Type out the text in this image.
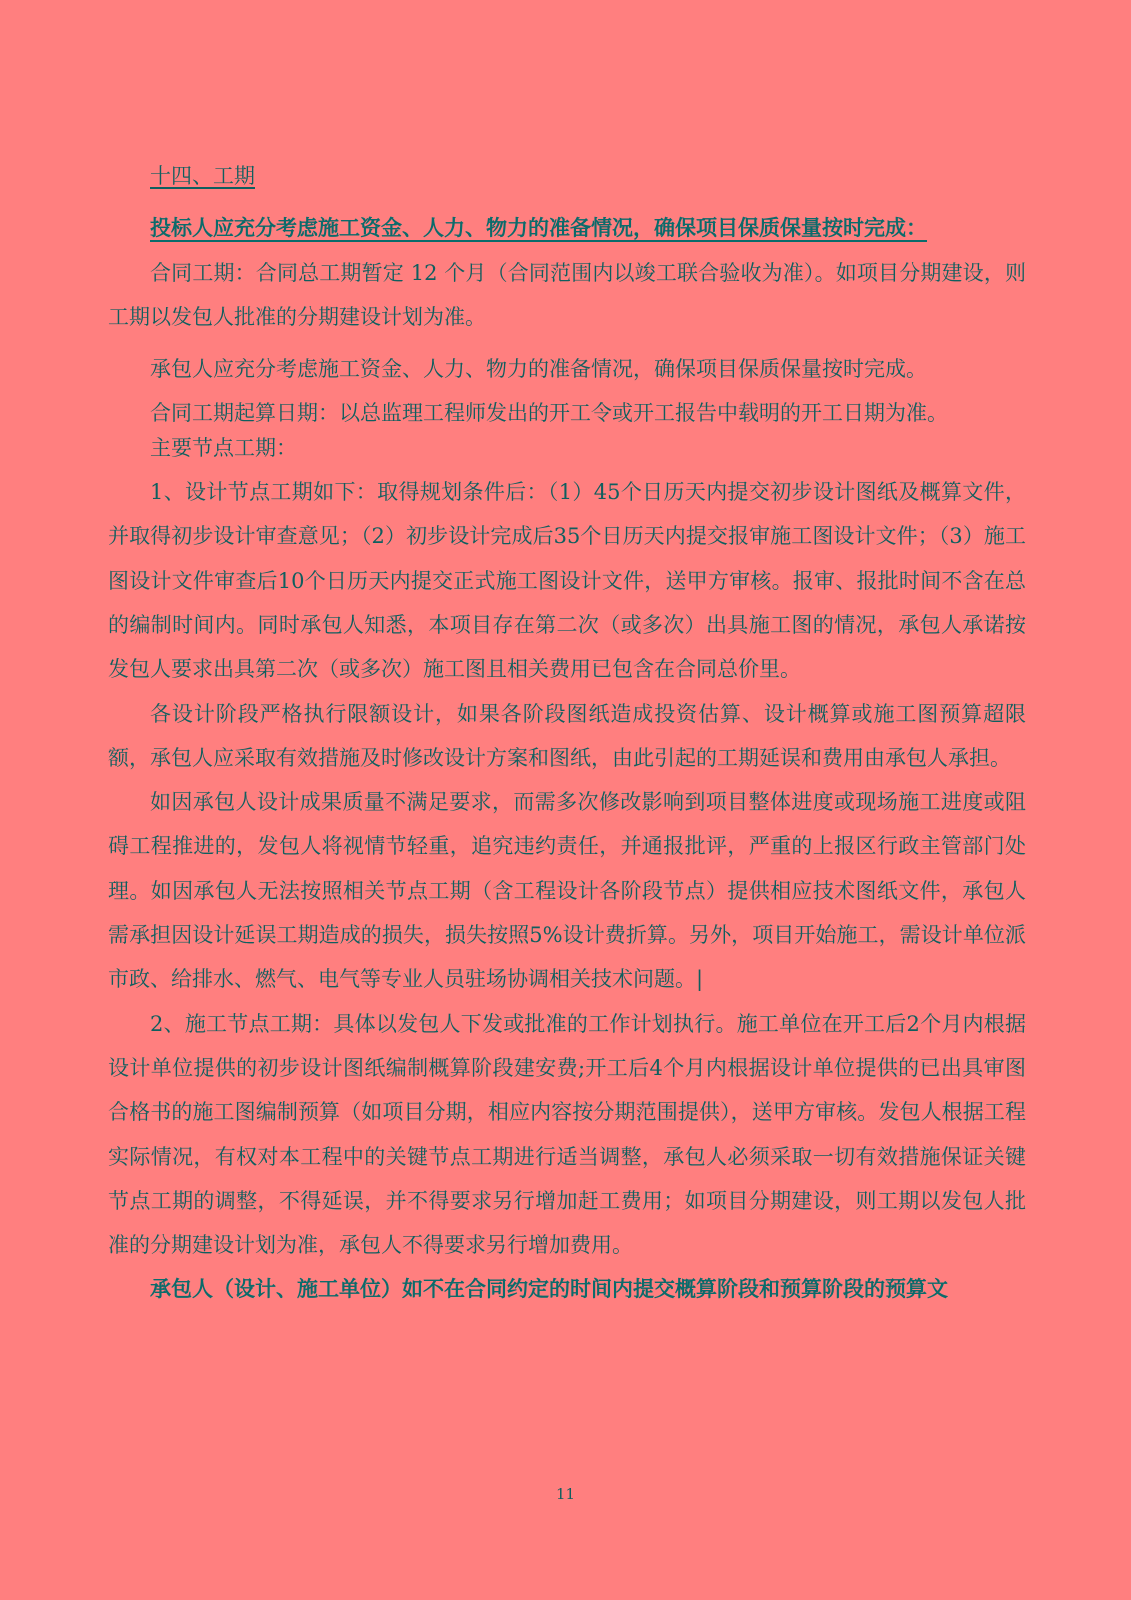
十四、工期

投标人应充分考虑施工资金、人力、物力的准备情况，确保项目保质保量按时完成：

合同工期：合同总工期暂定 12 个月（合同范围内以竣工联合验收为准）。如项目分期建设，则工期以发包人批准的分期建设计划为准。

承包人应充分考虑施工资金、人力、物力的准备情况，确保项目保质保量按时完成。

合同工期起算日期：以总监理工程师发出的开工令或开工报告中载明的开工日期为准。

主要节点工期：

1、设计节点工期如下：取得规划条件后：（1）45个日历天内提交初步设计图纸及概算文件，并取得初步设计审查意见；（2）初步设计完成后35个日历天内提交报审施工图设计文件；（3）施工图设计文件审查后10个日历天内提交正式施工图设计文件，送甲方审核。报审、报批时间不含在总的编制时间内。同时承包人知悉，本项目存在第二次（或多次）出具施工图的情况，承包人承诺按发包人要求出具第二次（或多次）施工图且相关费用已包含在合同总价里。

各设计阶段严格执行限额设计，如果各阶段图纸造成投资估算、设计概算或施工图预算超限额，承包人应采取有效措施及时修改设计方案和图纸，由此引起的工期延误和费用由承包人承担。

如因承包人设计成果质量不满足要求，而需多次修改影响到项目整体进度或现场施工进度或阻碍工程推进的，发包人将视情节轻重，追究违约责任，并通报批评，严重的上报区行政主管部门处理。如因承包人无法按照相关节点工期（含工程设计各阶段节点）提供相应技术图纸文件，承包人需承担因设计延误工期造成的损失，损失按照5%设计费折算。另外，项目开始施工，需设计单位派市政、给排水、燃气、电气等专业人员驻场协调相关技术问题。|

2、施工节点工期：具体以发包人下发或批准的工作计划执行。施工单位在开工后2个月内根据设计单位提供的初步设计图纸编制概算阶段建安费;开工后4个月内根据设计单位提供的已出具审图合格书的施工图编制预算（如项目分期，相应内容按分期范围提供），送甲方审核。发包人根据工程实际情况，有权对本工程中的关键节点工期进行适当调整，承包人必须采取一切有效措施保证关键节点工期的调整，不得延误，并不得要求另行增加赶工费用；如项目分期建设，则工期以发包人批准的分期建设计划为准，承包人不得要求另行增加费用。

承包人（设计、施工单位）如不在合同约定的时间内提交概算阶段和预算阶段的预算文

11
